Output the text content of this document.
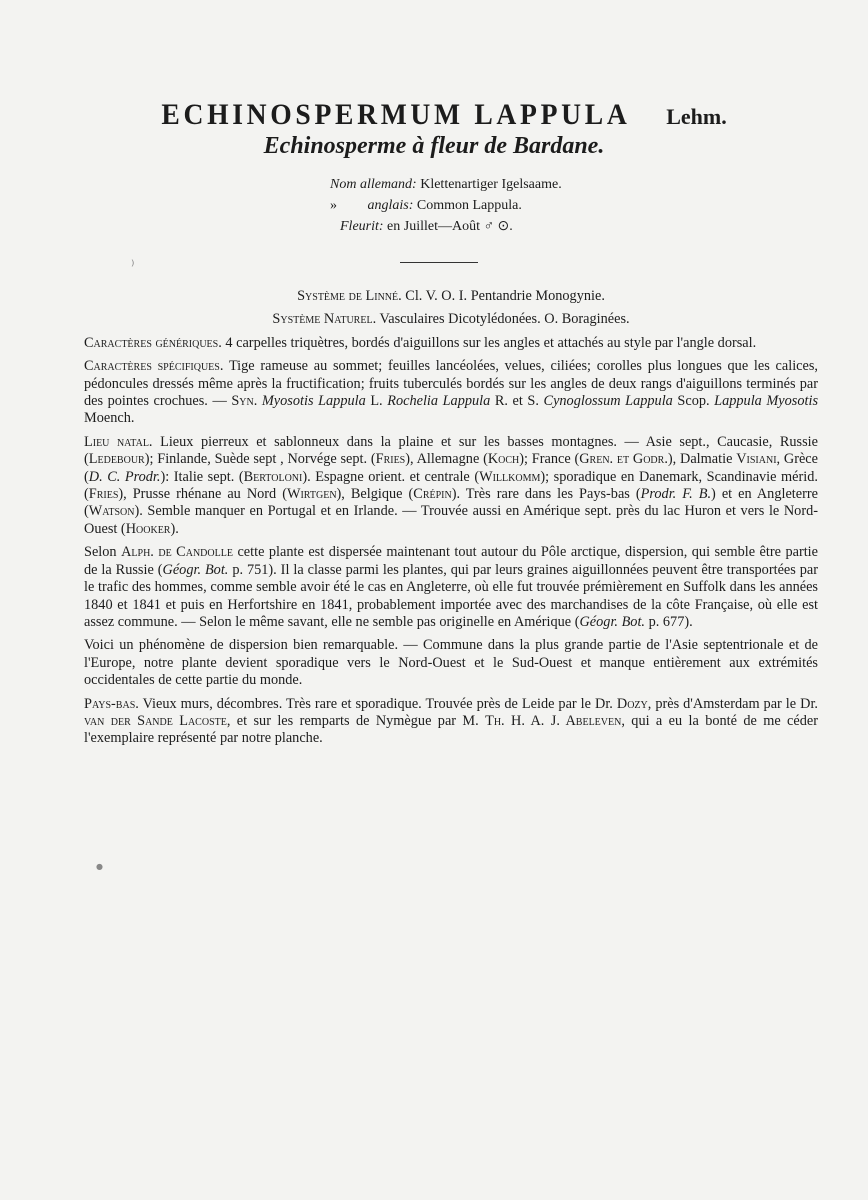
ECHINOSPERMUM LAPPULA Lehm.
Echinosperme à fleur de Bardane.
Nom allemand: Klettenartiger Igelsaame.
» anglais: Common Lappula.
Fleurit: en Juillet—Août ♂ ⊙.
Système de Linné. Cl. V. O. I. Pentandrie Monogynie.
Système Naturel. Vasculaires Dicotylédonées. O. Boraginées.

Caractères génériques. 4 carpelles triquètres, bordés d'aiguillons sur les angles et attachés au style par l'angle dorsal.

Caractères spécifiques. Tige rameuse au sommet; feuilles lancéolées, velues, ciliées; corolles plus longues que les calices, pédoncules dressés même après la fructification; fruits tuberculés bordés sur les angles de deux rangs d'aiguillons terminés par des pointes crochues. — Syn. Myosotis Lappula L. Rochelia Lappula R. et S. Cynoglossum Lappula Scop. Lappula Myosotis Moench.

Lieu natal. Lieux pierreux et sablonneux dans la plaine et sur les basses montagnes. — Asie sept., Caucasie, Russie (Ledebour); Finlande, Suède sept , Norvége sept. (Fries), Allemagne (Koch); France (Gren. et Godr.), Dalmatie Visiani, Grèce (D. C. Prodr.): Italie sept. (Bertoloni). Espagne orient. et centrale (Willkomm); sporadique en Danemark, Scandinavie mérid. (Fries), Prusse rhénane au Nord (Wirtgen), Belgique (Crépin). Très rare dans les Pays-bas (Prodr. F. B.) et en Angleterre (Watson). Semble manquer en Portugal et en Irlande. — Trouvée aussi en Amérique sept. près du lac Huron et vers le Nord-Ouest (Hooker).

Selon Alph. de Candolle cette plante est dispersée maintenant tout autour du Pôle arctique, dispersion, qui semble être partie de la Russie (Géogr. Bot. p. 751). Il la classe parmi les plantes, qui par leurs graines aiguillonnées peuvent être transportées par le trafic des hommes, comme semble avoir été le cas en Angleterre, où elle fut trouvée prémièrement en Suffolk dans les années 1840 et 1841 et puis en Herfortshire en 1841, probablement importée avec des marchandises de la côte Française, où elle est assez commune. — Selon le même savant, elle ne semble pas originelle en Amérique (Géogr. Bot. p. 677).

Voici un phénomène de dispersion bien remarquable. — Commune dans la plus grande partie de l'Asie septentrionale et de l'Europe, notre plante devient sporadique vers le Nord-Ouest et le Sud-Ouest et manque entièrement aux extrémités occidentales de cette partie du monde.

Pays-bas. Vieux murs, décombres. Très rare et sporadique. Trouvée près de Leide par le Dr. Dozy, près d'Amsterdam par le Dr. van der Sande Lacoste, et sur les remparts de Nymègue par M. Th. H. A. J. Abeleven, qui a eu la bonté de me céder l'exemplaire représenté par notre planche.

⁾
●
